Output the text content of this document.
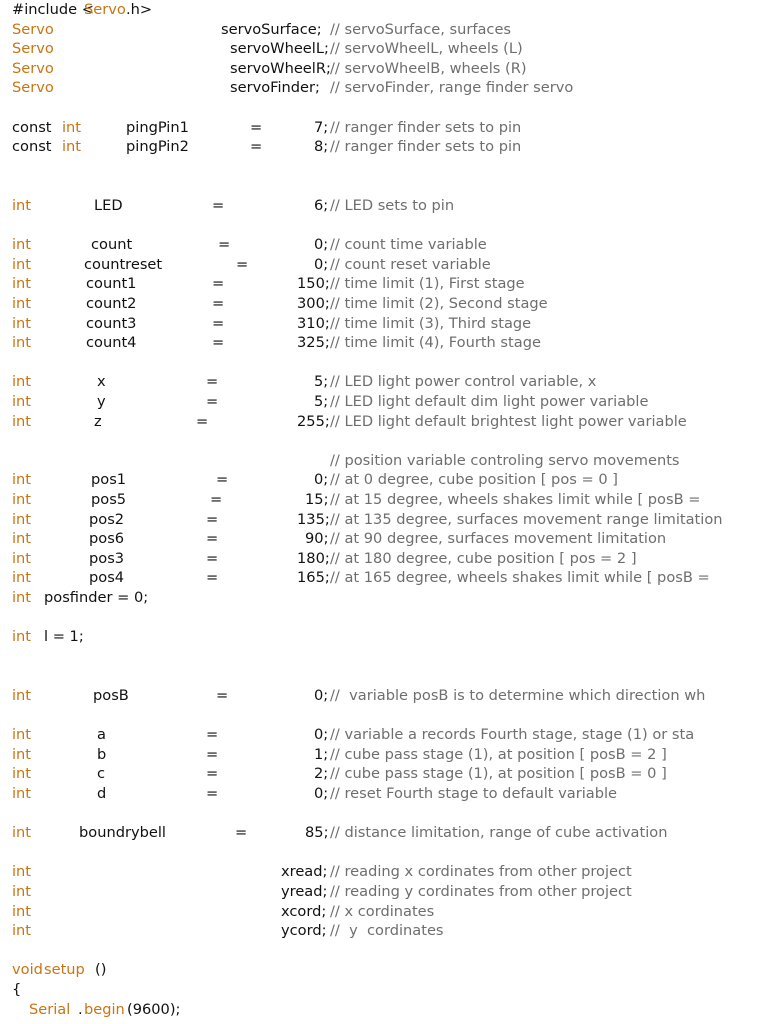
#include <
Servo .h>
Servo	servoSurface; // servoSurface, surfaces
Servo	servoWheelL; // servoWheelL, wheels (L)
Servo	servoWheelR; // servoWheelB, wheels (R)
Servo	servoFinder; // servoFinder, range finder servo
const int	pingPin1	=	7; // ranger finder sets to pin
const int	pingPin2	=	8; // ranger finder sets to pin
int	LED	=	6; // LED sets to pin
int	count	=	0; // count time variable
int	countreset	=	0; // count reset variable
int	count1	=	150; // time limit (1), First stage
int	count2	=	300; // time limit (2), Second stage
int	count3	=	310; // time limit (3), Third stage
int	count4	=	325; // time limit (4), Fourth stage
int	x	=	5; // LED light power control variable, x
int	y	=	5; // LED light default dim light power variable
int	z	=	255; // LED light default brightest light power variable
// position variable controling servo movements
int	pos1	=	0; // at 0 degree, cube position [ pos = 0 ]
int	pos5	=	15; // at 15 degree, wheels shakes limit while [ posB =
int	pos2	=	135; // at 135 degree, surfaces movement range limitation
int	pos6	=	90; // at 90 degree, surfaces movement limitation
int	pos3	=	180; // at 180 degree, cube position [ pos = 2 ]
int	pos4	=	165; // at 165 degree, wheels shakes limit while [ posB =
int posfinder = 0;
int l = 1;
int	posB	=	0; //  variable posB is to determine which direction wh
int	a	=	0; // variable a records Fourth stage, stage (1) or sta
int	b	=	1; // cube pass stage (1), at position [ posB = 2 ]
int	c	=	2; // cube pass stage (1), at position [ posB = 0 ]
int	d	=	0; // reset Fourth stage to default variable
int	boundrybell	=	85; // distance limitation, range of cube activation
int	xread; // reading x cordinates from other project
int	yread; // reading y cordinates from other project
int	xcord; // x cordinates
int	ycord; //  y  cordinates
void setup ()
{
Serial . begin (9600);
